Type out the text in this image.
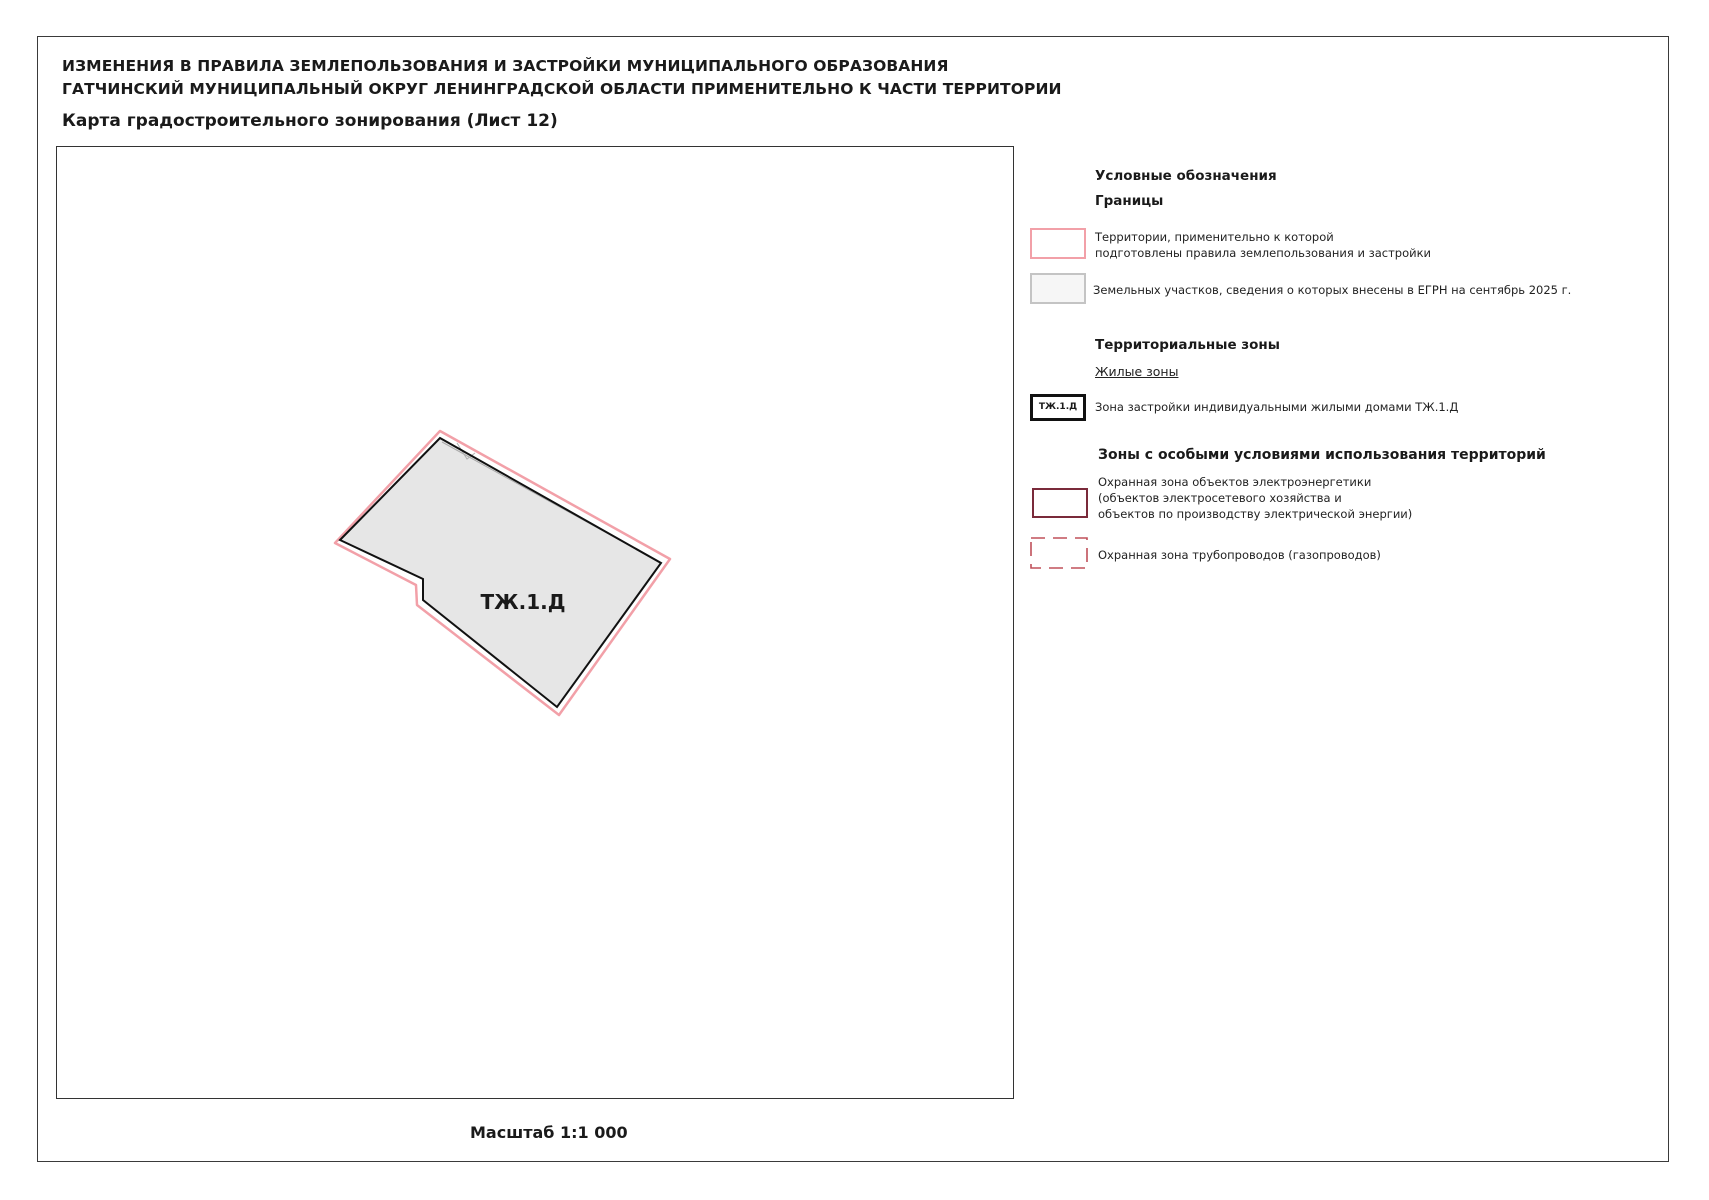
ИЗМЕНЕНИЯ В ПРАВИЛА ЗЕМЛЕПОЛЬЗОВАНИЯ И ЗАСТРОЙКИ МУНИЦИПАЛЬНОГО ОБРАЗОВАНИЯ
ГАТЧИНСКИЙ МУНИЦИПАЛЬНЫЙ ОКРУГ ЛЕНИНГРАДСКОЙ ОБЛАСТИ ПРИМЕНИТЕЛЬНО К ЧАСТИ ТЕРРИТОРИИ
Карта градостроительного зонирования (Лист 12)
ТЖ.1.Д
Масштаб 1:1 000
Условные обозначения
Границы
Территории, применительно к которой
подготовлены правила землепользования и застройки
Земельных участков, сведения о которых внесены в ЕГРН на сентябрь 2025 г.
Территориальные зоны
Жилые зоны
ТЖ.1.Д	Зона застройки индивидуальными жилыми домами ТЖ.1.Д
Зоны с особыми условиями использования территорий
Охранная зона объектов электроэнергетики
(объектов электросетевого хозяйства и
объектов по производству электрической энергии)
Охранная зона трубопроводов (газопроводов)
